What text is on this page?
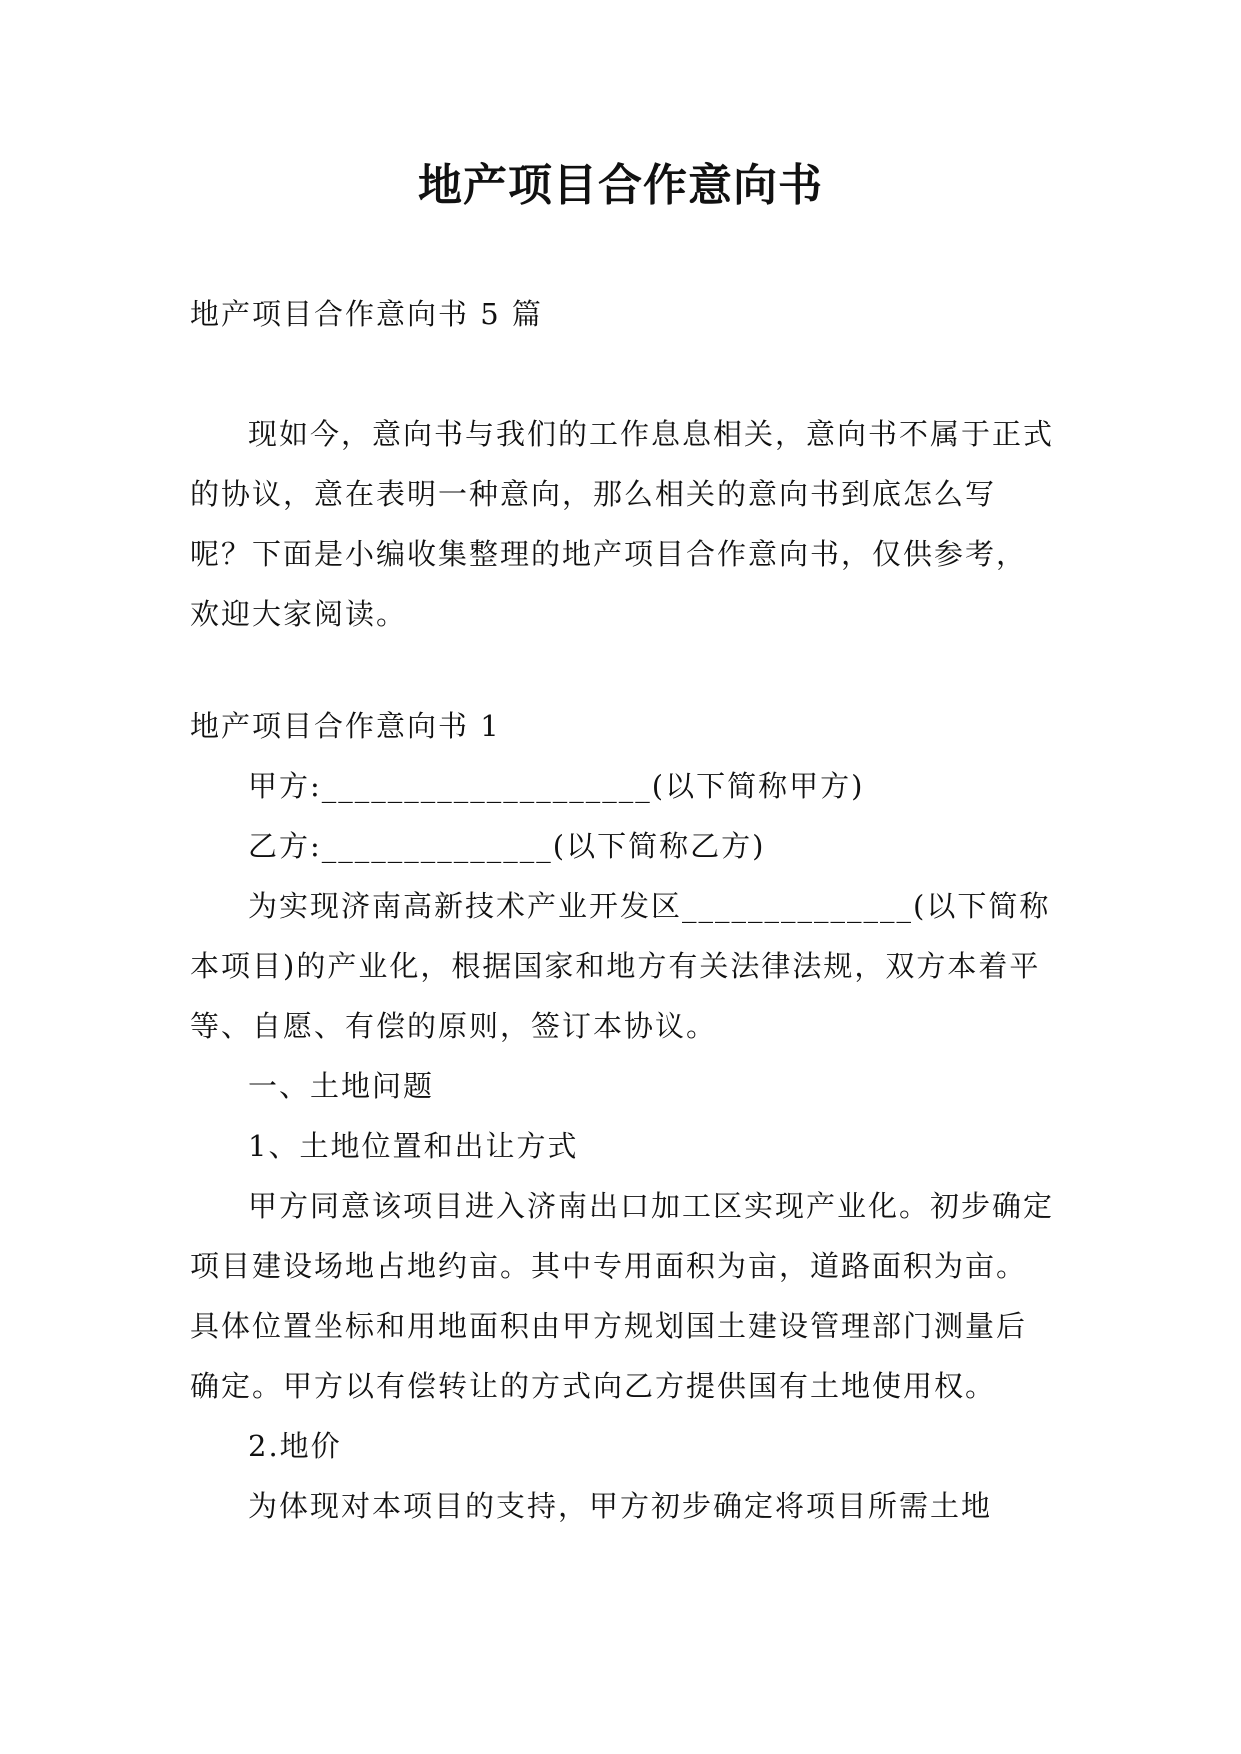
地产项目合作意向书
地产项目合作意向书 5 篇

现如今，意向书与我们的工作息息相关，意向书不属于正式的协议，意在表明一种意向，那么相关的意向书到底怎么写呢？下面是小编收集整理的地产项目合作意向书，仅供参考，欢迎大家阅读。

地产项目合作意向书 1

甲方:____________________(以下简称甲方)

乙方:______________(以下简称乙方)

为实现济南高新技术产业开发区______________(以下简称本项目)的产业化，根据国家和地方有关法律法规，双方本着平等、自愿、有偿的原则，签订本协议。

一、土地问题

1、土地位置和出让方式

甲方同意该项目进入济南出口加工区实现产业化。初步确定项目建设场地占地约亩。其中专用面积为亩，道路面积为亩。具体位置坐标和用地面积由甲方规划国土建设管理部门测量后确定。甲方以有偿转让的方式向乙方提供国有土地使用权。

2.地价

为体现对本项目的支持，甲方初步确定将项目所需土地
